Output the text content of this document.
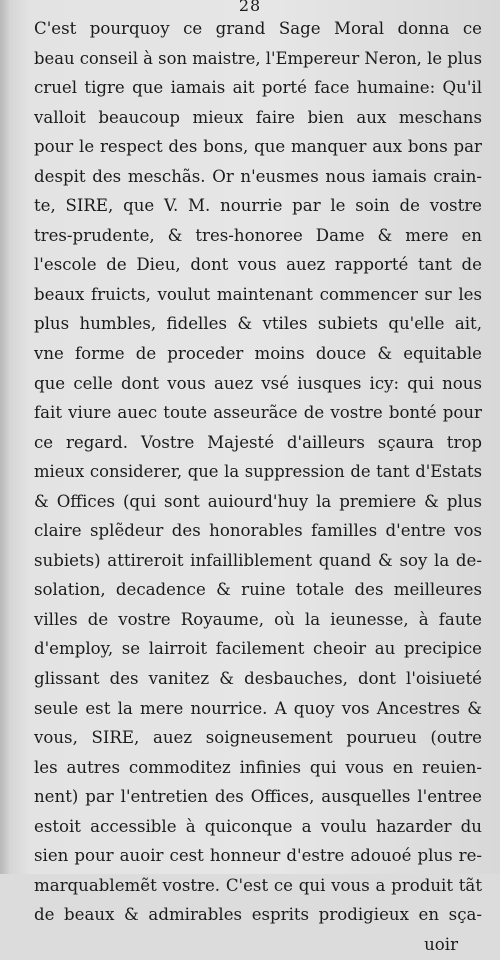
28
C'est pourquoy ce grand Sage Moral donna ce
beau conseil à son maistre, l'Empereur Neron, le plus
cruel tigre que iamais ait porté face humaine: Qu'il
valloit beaucoup mieux faire bien aux meschans
pour le respect des bons, que manquer aux bons par
despit des meschãs. Or n'eusmes nous iamais crain-
te, SIRE, que V. M. nourrie par le soin de vostre
tres-prudente, & tres-honoree Dame & mere en
l'escole de Dieu, dont vous auez rapporté tant de
beaux fruicts, voulut maintenant commencer sur les
plus humbles, fidelles & vtiles subiets qu'elle ait,
vne forme de proceder moins douce & equitable
que celle dont vous auez vsé iusques icy: qui nous
fait viure auec toute asseurãce de vostre bonté pour
ce regard. Vostre Majesté d'ailleurs sçaura trop
mieux considerer, que la suppression de tant d'Estats
& Offices (qui sont auiourd'huy la premiere & plus
claire splẽdeur des honorables familles d'entre vos
subiets) attireroit infailliblement quand & soy la de-
solation, decadence & ruine totale des meilleures
villes de vostre Royaume, où la ieunesse, à faute
d'employ, se lairroit facilement cheoir au precipice
glissant des vanitez & desbauches, dont l'oisiueté
seule est la mere nourrice. A quoy vos Ancestres &
vous, SIRE, auez soigneusement pourueu (outre
les autres commoditez infinies qui vous en reuien-
nent) par l'entretien des Offices, ausquelles l'entree
estoit accessible à quiconque a voulu hazarder du
sien pour auoir cest honneur d'estre adouoé plus re-
marquablemẽt vostre. C'est ce qui vous a produit tãt
de beaux & admirables esprits prodigieux en sça-
uoir
